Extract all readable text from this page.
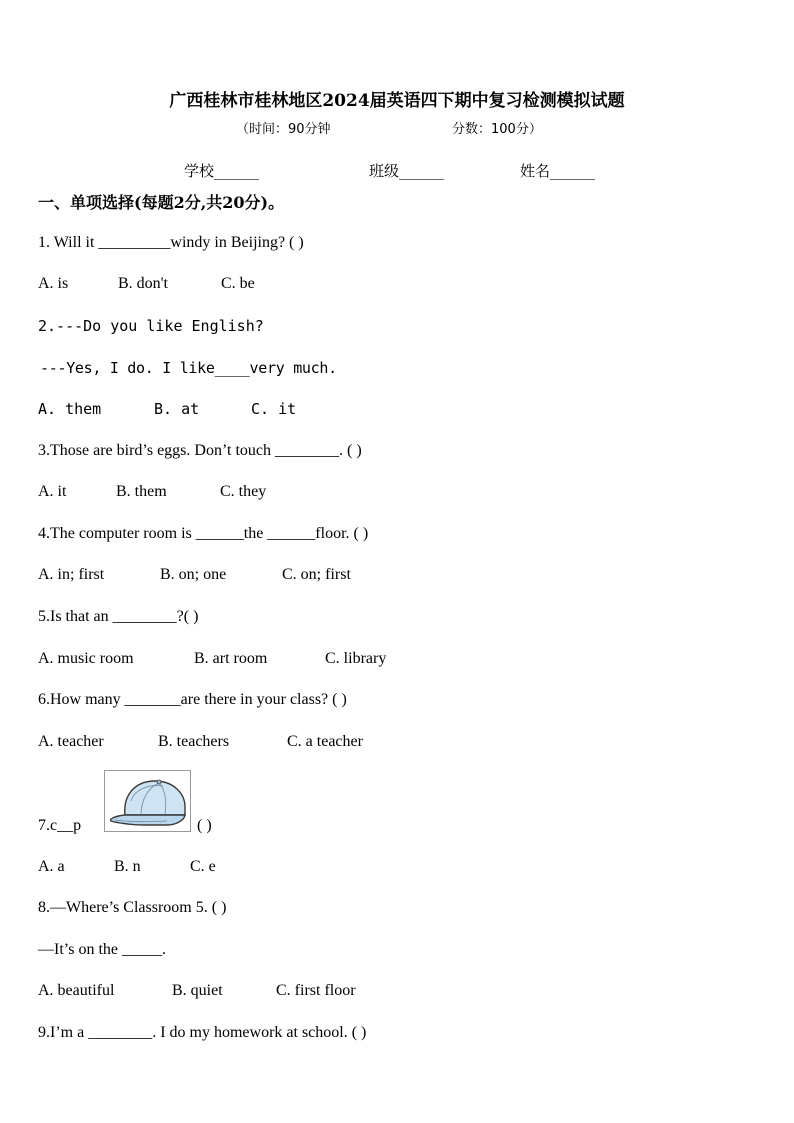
广西桂林市桂林地区2024届英语四下期中复习检测模拟试题
（时间：90分钟	分数：100分）
学校______	班级______	姓名______
一、单项选择(每题2分,共20分)。
1. Will it _________windy in Beijing? ( )
A. is	B. don't	C. be
2.---Do you like English?
---Yes, I do. I like____very much.
A. them	B. at	C. it
3.Those are bird’s eggs. Don’t touch ________. ( )
A. it	B. them	C. they
4.The computer room is ______the ______floor. ( )
A. in; first	B. on; one	C. on; first
5.Is that an ________?( )
A. music room	B. art room	C. library
6.How many _______are there in your class? ( )
A. teacher	B. teachers	C. a teacher
7.c__p	( )
A. a	B. n	C. e
8.—Where’s Classroom 5. ( )
—It’s on the _____.
A. beautiful	B. quiet	C. first floor
9.I’m a ________. I do my homework at school. ( )
